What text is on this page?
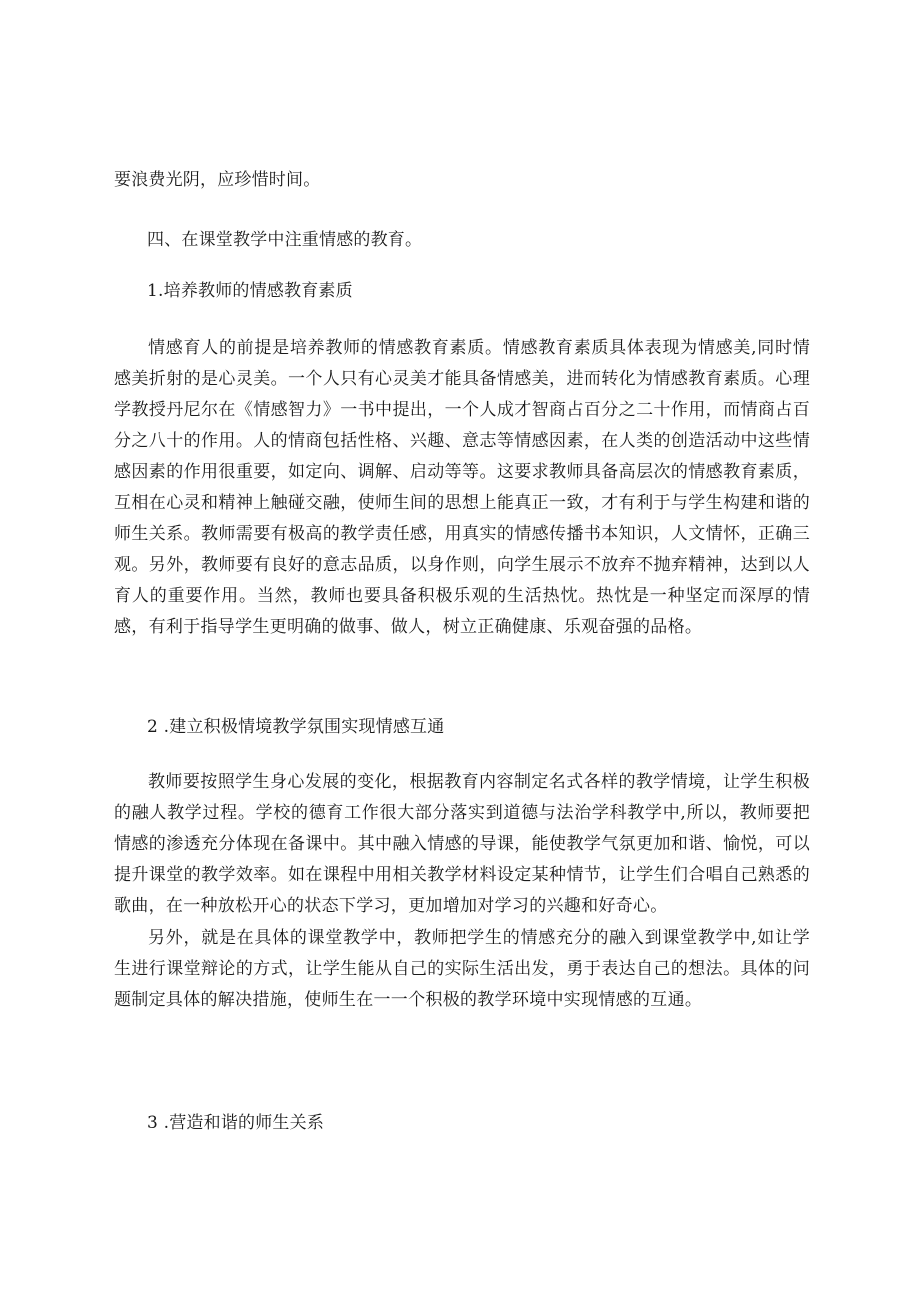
要浪费光阴，应珍惜时间。
四、在课堂教学中注重情感的教育。
1.培养教师的情感教育素质
情感育人的前提是培养教师的情感教育素质。情感教育素质具体表现为情感美,同时情感美折射的是心灵美。一个人只有心灵美才能具备情感美，进而转化为情感教育素质。心理学教授丹尼尔在《情感智力》一书中提出，一个人成才智商占百分之二十作用，而情商占百分之八十的作用。人的情商包括性格、兴趣、意志等情感因素，在人类的创造活动中这些情感因素的作用很重要，如定向、调解、启动等等。这要求教师具备高层次的情感教育素质，互相在心灵和精神上触碰交融，使师生间的思想上能真正一致，才有利于与学生构建和谐的师生关系。教师需要有极高的教学责任感，用真实的情感传播书本知识，人文情怀，正确三观。另外，教师要有良好的意志品质，以身作则，向学生展示不放弃不抛弃精神，达到以人育人的重要作用。当然，教师也要具备积极乐观的生活热忱。热忱是一种坚定而深厚的情感，有利于指导学生更明确的做事、做人，树立正确健康、乐观奋强的品格。
2 .建立积极情境教学氛围实现情感互通
教师要按照学生身心发展的变化，根据教育内容制定名式各样的教学情境，让学生积极的融人教学过程。学校的德育工作很大部分落实到道德与法治学科教学中,所以，教师要把情感的渗透充分体现在备课中。其中融入情感的导课，能使教学气氛更加和谐、愉悦，可以提升课堂的教学效率。如在课程中用相关教学材料设定某种情节，让学生们合唱自己熟悉的歌曲，在一种放松开心的状态下学习，更加增加对学习的兴趣和好奇心。
另外，就是在具体的课堂教学中，教师把学生的情感充分的融入到课堂教学中,如让学生进行课堂辩论的方式，让学生能从自己的实际生活出发，勇于表达自己的想法。具体的问题制定具体的解决措施，使师生在一一个积极的教学环境中实现情感的互通。
3 .营造和谐的师生关系
